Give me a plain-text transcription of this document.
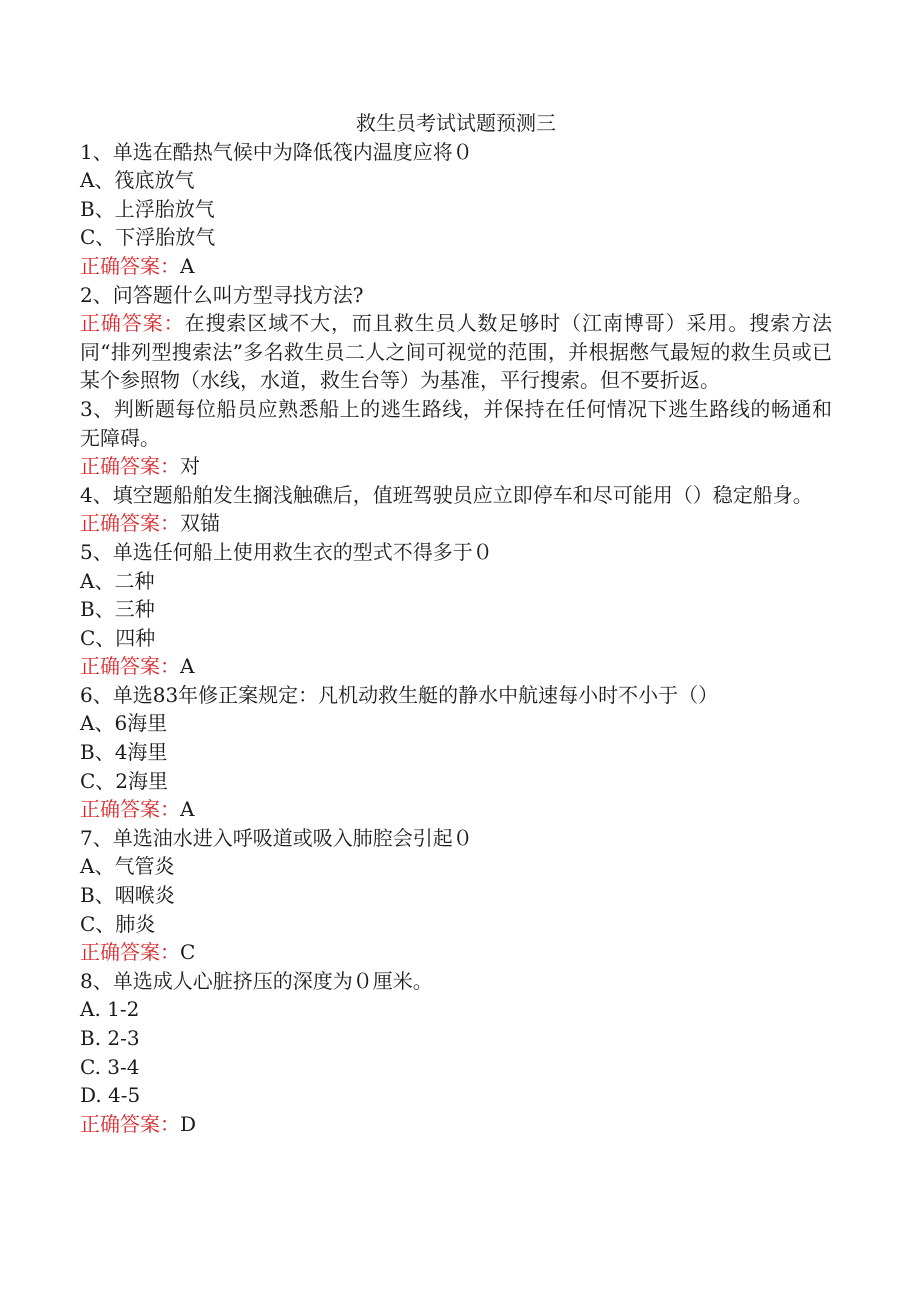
救生员考试试题预测三

1、单选在酷热气候中为降低筏内温度应将０

A、筏底放气

B、上浮胎放气

C、下浮胎放气

正确答案：A

2、问答题什么叫方型寻找方法?

正确答案：在搜索区域不大，而且救生员人数足够时（江南博哥）采用。搜索方法同“排列型搜索法”多名救生员二人之间可视觉的范围，并根据憋气最短的救生员或已某个参照物（水线，水道，救生台等）为基准，平行搜索。但不要折返。

3、判断题每位船员应熟悉船上的逃生路线，并保持在任何情况下逃生路线的畅通和无障碍。

正确答案：对

4、填空题船舶发生搁浅触礁后，值班驾驶员应立即停车和尽可能用（）稳定船身。

正确答案：双锚

5、单选任何船上使用救生衣的型式不得多于０

A、二种

B、三种

C、四种

正确答案：A

6、单选83年修正案规定：凡机动救生艇的静水中航速每小时不小于（）

A、6海里

B、4海里

C、2海里

正确答案：A

7、单选油水进入呼吸道或吸入肺腔会引起０

A、气管炎

B、咽喉炎

C、肺炎

正确答案：C

8、单选成人心脏挤压的深度为０厘米。

A. 1-2

B. 2-3

C. 3-4

D. 4-5

正确答案：D
